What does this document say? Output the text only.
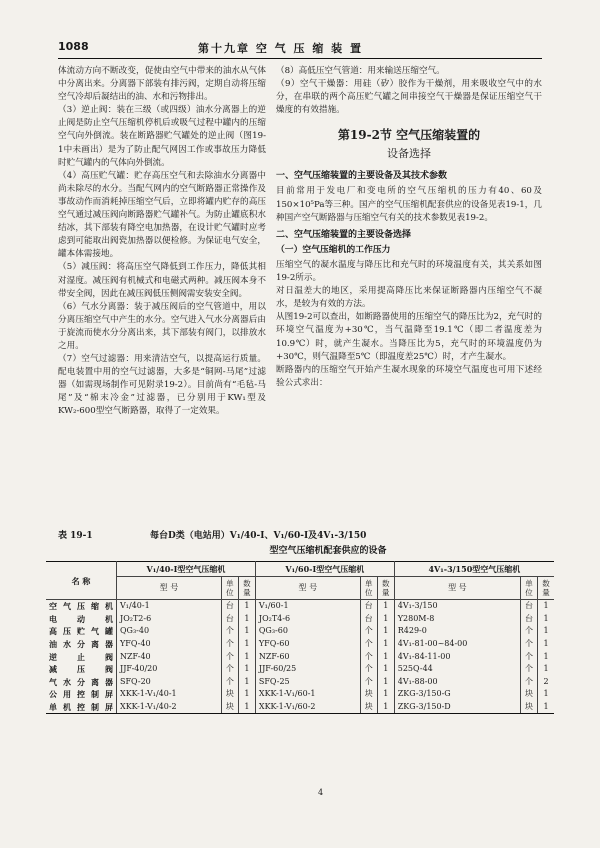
1088	第十九章 空 气 压 缩 装 置

体流动方向不断改变，促使由空气中带来的油水从气体中分离出来。分离器下部装有排污阀，定期自动将压缩空气冷却后凝结出的油、水和污物排出。

（3）逆止阀：装在三级（或四级）油水分离器上的逆止阀是防止空气压缩机停机后或吸气过程中罐内的压缩空气向外倒流。装在断路器贮气罐处的逆止阀（图19-1中未画出）是为了防止配气网因工作或事故压力降低时贮气罐内的气体向外倒流。

（4）高压贮气罐：贮存高压空气和去除油水分离器中尚未除尽的水分。当配气网内的空气断路器正常操作及事故动作而消耗掉压缩空气后，立即将罐内贮存的高压空气通过减压阀向断路器贮气罐补气。为防止罐底积水结冰，其下部装有降空电加热器，在设计贮气罐时应考虑到可能取出阀瓷加热器以便检修。为保证电气安全，罐本体需接地。

（5）减压阀：将高压空气降低到工作压力，降低其相对湿度。减压阀有机械式和电磁式两种。减压阀本身不带安全阀，因此在减压阀低压侧阀需安装安全阀。

（6）气水分离器：装于减压阀后的空气管道中，用以分离压缩空气中产生的水分。空气进入气水分离器后由于旋流而使水分分离出来，其下部装有阀门，以排放水之用。

（7）空气过滤器：用来清洁空气，以提高运行质量。配电装置中用的空气过滤器，大多是“铜网-马尾”过滤器（如需现场制作可见附录19-2）。目前尚有“毛毡-马尾”及“棉末冷金”过滤器，已分别用于KW₁型及KW₂-600型空气断路器，取得了一定效果。

（8）高低压空气管道：用来输送压缩空气。

（9）空气干燥器：用硅（矽）胶作为干燥剂，用来吸收空气中的水分，在串联的两个高压贮气罐之间串接空气干燥器是保证压缩空气干燥度的有效措施。

第19-2节 空气压缩装置的
设备选择
一、空气压缩装置的主要设备及其技术参数

目前常用于发电厂和变电所的空气压缩机的压力有40、60及150×10⁵Pa等三种。国产的空气压缩机配套供应的设备见表19-1，几种国产空气断路器与压缩空气有关的技术参数见表19-2。

二、空气压缩装置的主要设备选择
（一）空气压缩机的工作压力

压缩空气的凝水温度与降压比和充气时的环境温度有关，其关系如图19-2所示。

对日温差大的地区，采用提高降压比来保证断路器内压缩空气不凝水，是较为有效的方法。

从图19-2可以查出，如断路器使用的压缩空气的降压比为2，充气时的环境空气温度为+30℃，当气温降至19.1℃（即二者温度差为10.9℃）时，就产生凝水。当降压比为5，充气时的环境温度仍为+30℃，则气温降至5℃（即温度差25℃）时，才产生凝水。

断路器内的压缩空气开始产生凝水现象的环境空气温度也可用下述经验公式求出：

表 19-1	每台D类（电站用）V₁/40-Ⅰ、V₁/60-Ⅰ及4V₁-3/150
型空气压缩机配套供应的设备
名 称	V₁/40-Ⅰ型空气压缩机			V₁/60-Ⅰ型空气压缩机			4V₁-3/150型空气压缩机		
	型 号	单位	数量	型 号	单位	数量	型 号	单位	数量
空气压缩机	V₁/40-1	台	1	V₁/60-1	台	1	4V₁-3/150	台	1
电动机	JO₂T2-6	台	1	JO₂T4-6	台	1	Y280M-8	台	1
高压贮气罐	QG₃-40	个	1	QG₃-60	个	1	R429-0	个	1
油水分离器	YFQ-40	个	1	YFQ-60	个	1	4V₁-81-00~84-00	个	1
逆止阀	NZF-40	个	1	NZF-60	个	1	4V₁-84-11-00	个	1
减压阀	JJF-40/20	个	1	JJF-60/25	个	1	525Q-44	个	1
气水分离器	SFQ-20	个	1	SFQ-25	个	1	4V₁-88-00	个	2
公用控制屏	XKK-1-V₁/40-1	块	1	XKK-1-V₁/60-1	块	1	ZKG-3/150-G	块	1
单机控制屏	XKK-1-V₁/40-2	块	1	XKK-1-V₁/60-2	块	1	ZKG-3/150-D	块	1
4
